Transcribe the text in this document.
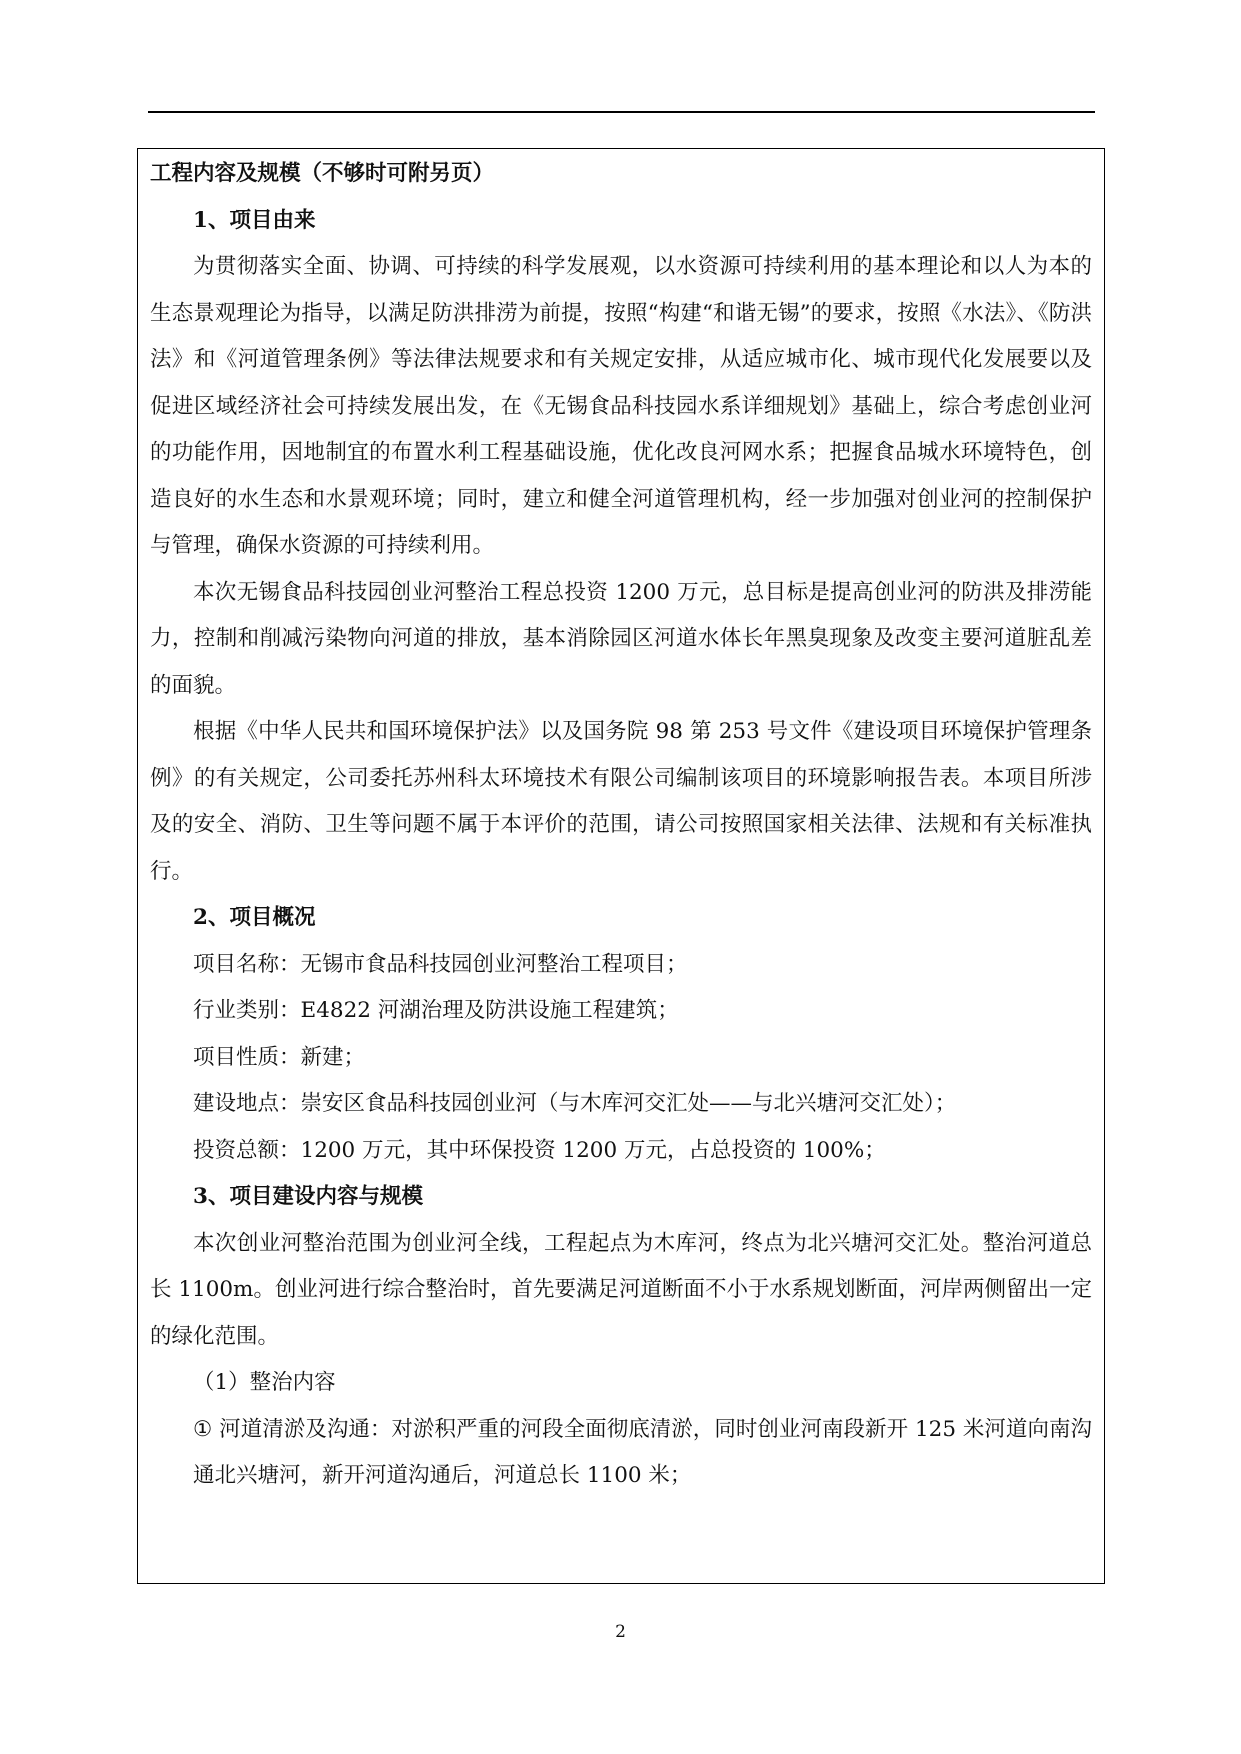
工程内容及规模（不够时可附另页）
1、项目由来

为贯彻落实全面、协调、可持续的科学发展观，以水资源可持续利用的基本理论和以人为本的生态景观理论为指导，以满足防洪排涝为前提，按照“构建“和谐无锡”的要求，按照《水法》、《防洪法》和《河道管理条例》等法律法规要求和有关规定安排，从适应城市化、城市现代化发展要以及促进区域经济社会可持续发展出发，在《无锡食品科技园水系详细规划》基础上，综合考虑创业河的功能作用，因地制宜的布置水利工程基础设施，优化改良河网水系；把握食品城水环境特色，创造良好的水生态和水景观环境；同时，建立和健全河道管理机构，经一步加强对创业河的控制保护与管理，确保水资源的可持续利用。

本次无锡食品科技园创业河整治工程总投资 1200 万元，总目标是提高创业河的防洪及排涝能力，控制和削减污染物向河道的排放，基本消除园区河道水体长年黑臭现象及改变主要河道脏乱差的面貌。

根据《中华人民共和国环境保护法》以及国务院 98 第 253 号文件《建设项目环境保护管理条例》的有关规定，公司委托苏州科太环境技术有限公司编制该项目的环境影响报告表。本项目所涉及的安全、消防、卫生等问题不属于本评价的范围，请公司按照国家相关法律、法规和有关标准执行。

2、项目概况
项目名称：无锡市食品科技园创业河整治工程项目；
行业类别：E4822 河湖治理及防洪设施工程建筑；
项目性质：新建；
建设地点：崇安区食品科技园创业河（与木库河交汇处——与北兴塘河交汇处）；
投资总额：1200 万元，其中环保投资 1200 万元，占总投资的 100%；
3、项目建设内容与规模

本次创业河整治范围为创业河全线，工程起点为木库河，终点为北兴塘河交汇处。整治河道总长 1100m。创业河进行综合整治时，首先要满足河道断面不小于水系规划断面，河岸两侧留出一定的绿化范围。

（1）整治内容

① 河道清淤及沟通：对淤积严重的河段全面彻底清淤，同时创业河南段新开 125 米河道向南沟通北兴塘河，新开河道沟通后，河道总长 1100 米；

2
